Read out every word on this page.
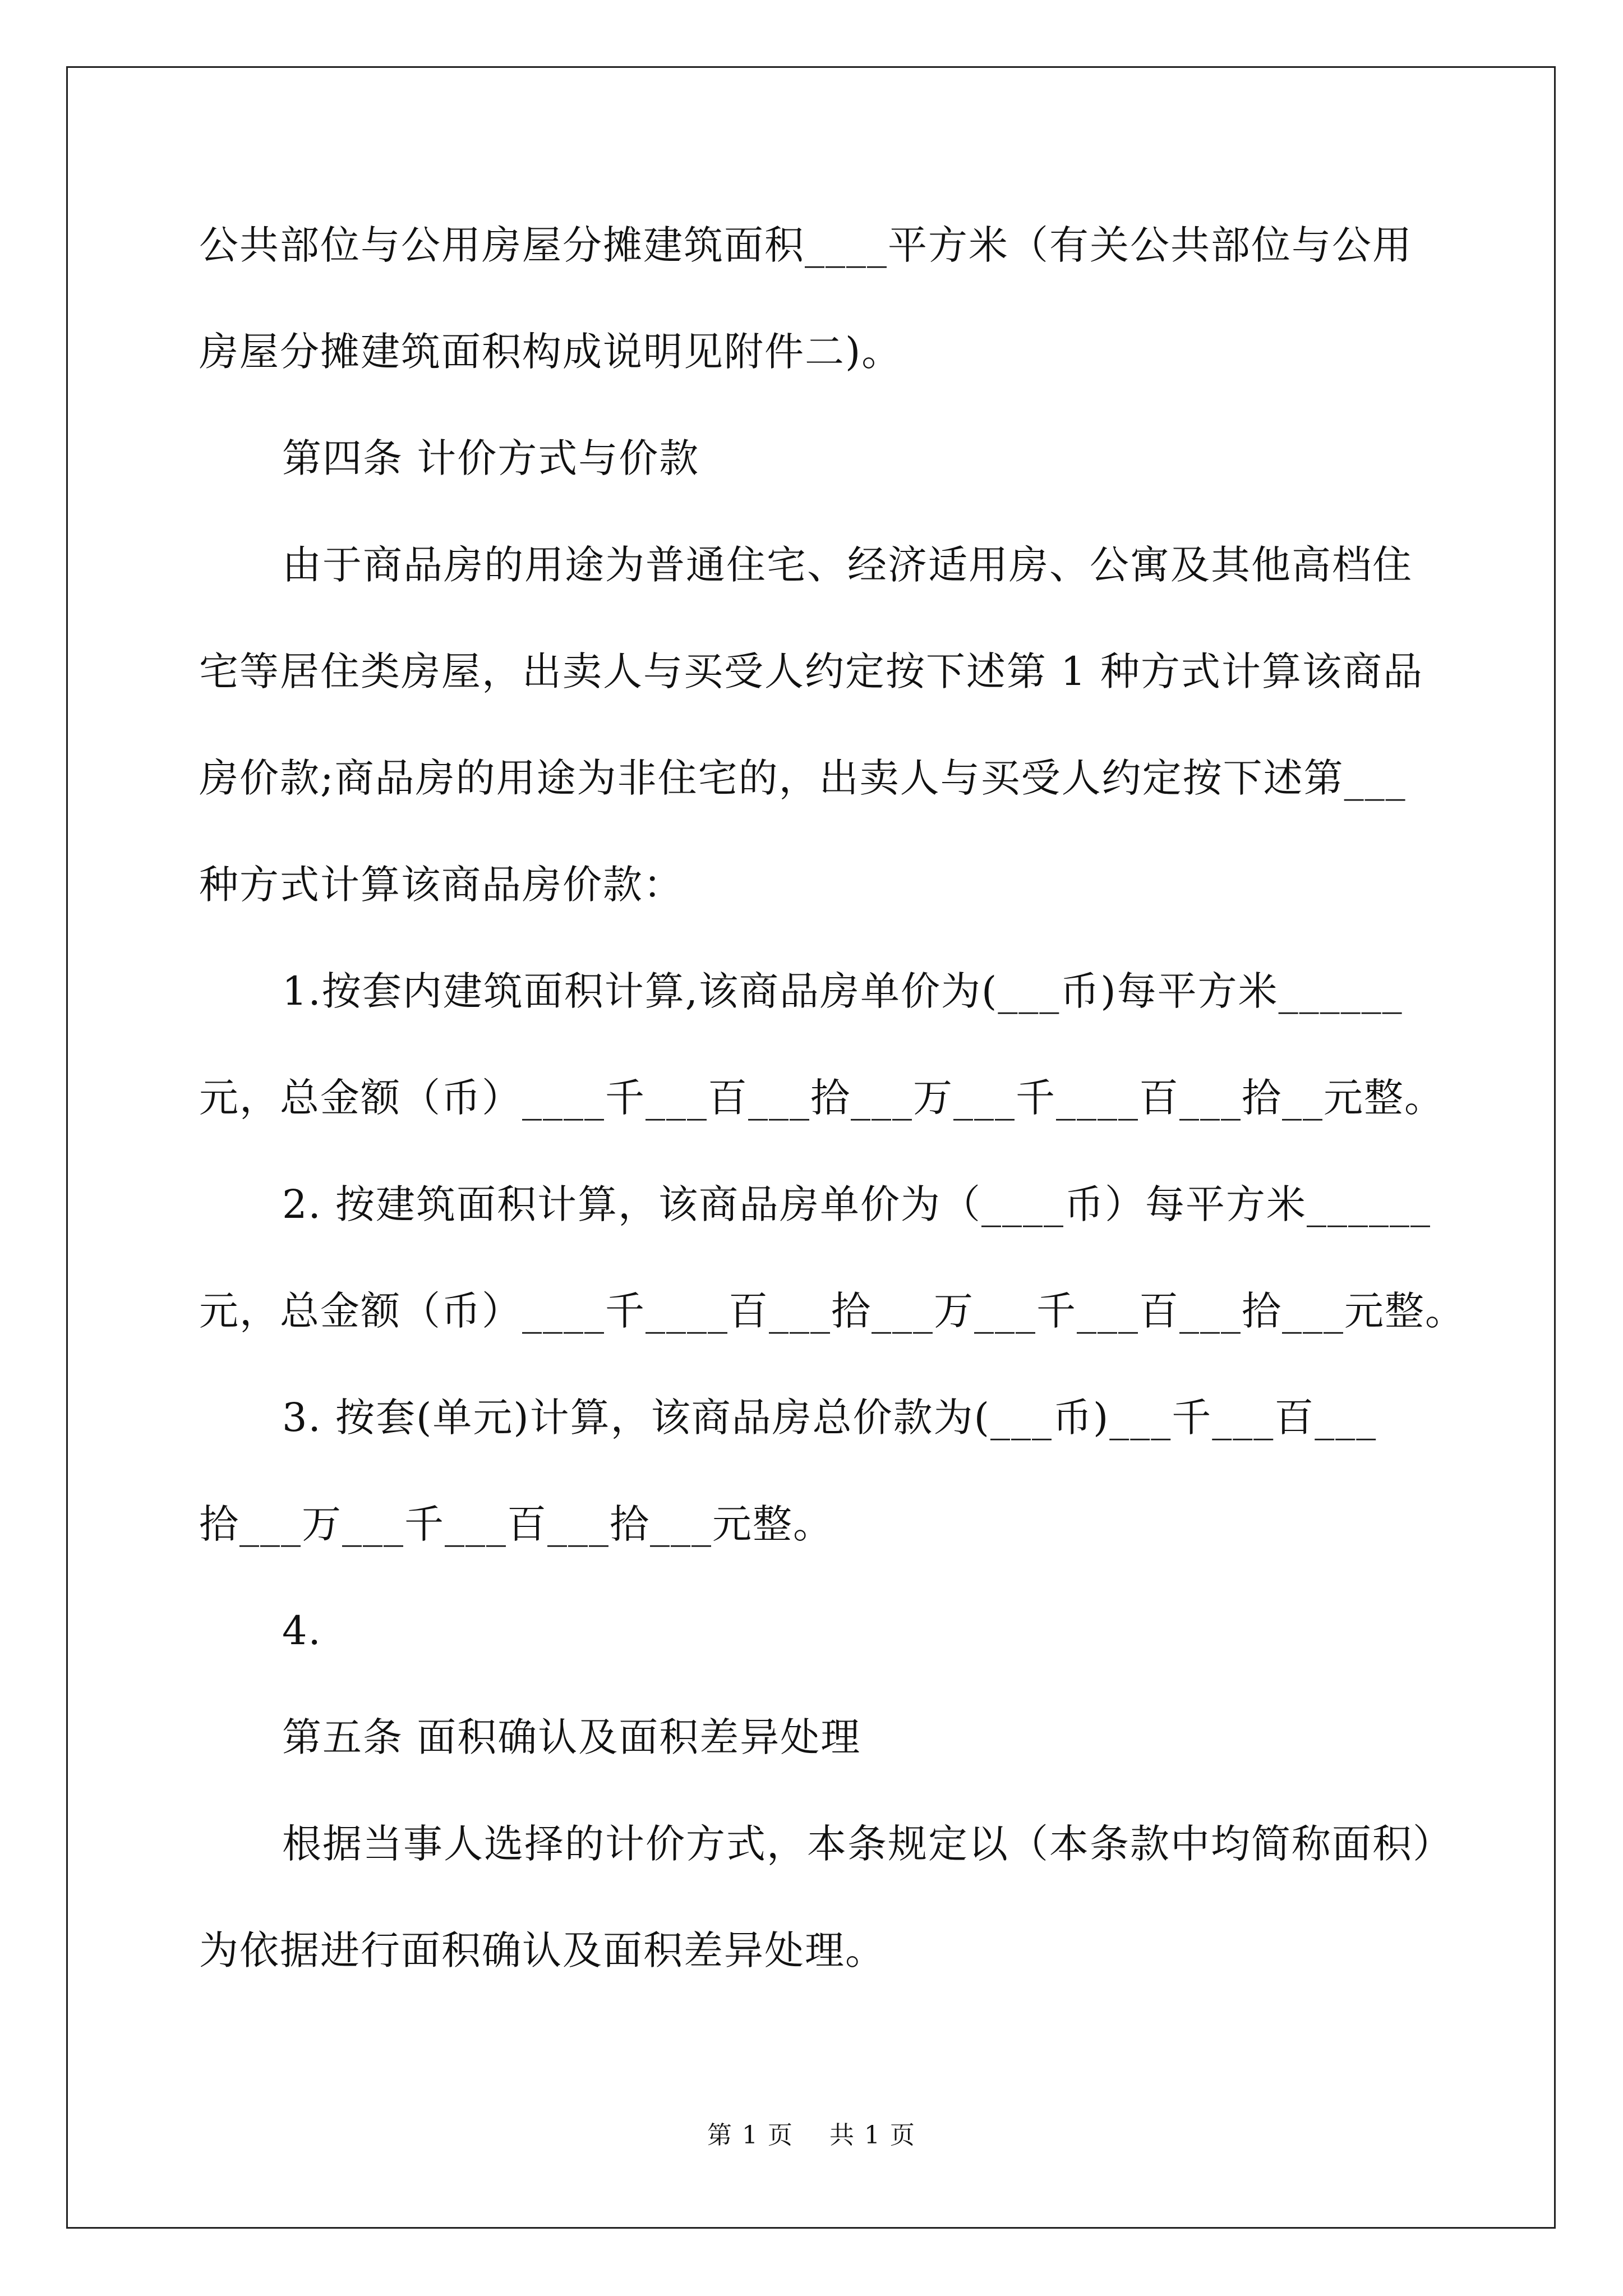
公共部位与公用房屋分摊建筑面积____平方米（有关公共部位与公用
房屋分摊建筑面积构成说明见附件二)。
第四条 计价方式与价款
由于商品房的用途为普通住宅、经济适用房、公寓及其他高档住
宅等居住类房屋，出卖人与买受人约定按下述第 1 种方式计算该商品
房价款;商品房的用途为非住宅的，出卖人与买受人约定按下述第___
种方式计算该商品房价款：
1.按套内建筑面积计算,该商品房单价为(___币)每平方米______
元，总金额（币）____千___百___拾___万___千____百___拾__元整。
2. 按建筑面积计算，该商品房单价为（____币）每平方米______
元，总金额（币）____千____百___拾___万___千___百___拾___元整。
3. 按套(单元)计算，该商品房总价款为(___币)___千___百___
拾___万___千___百___拾___元整。
4.
第五条 面积确认及面积差异处理
根据当事人选择的计价方式，本条规定以（本条款中均简称面积）
为依据进行面积确认及面积差异处理。
第 1 页    共 1 页
